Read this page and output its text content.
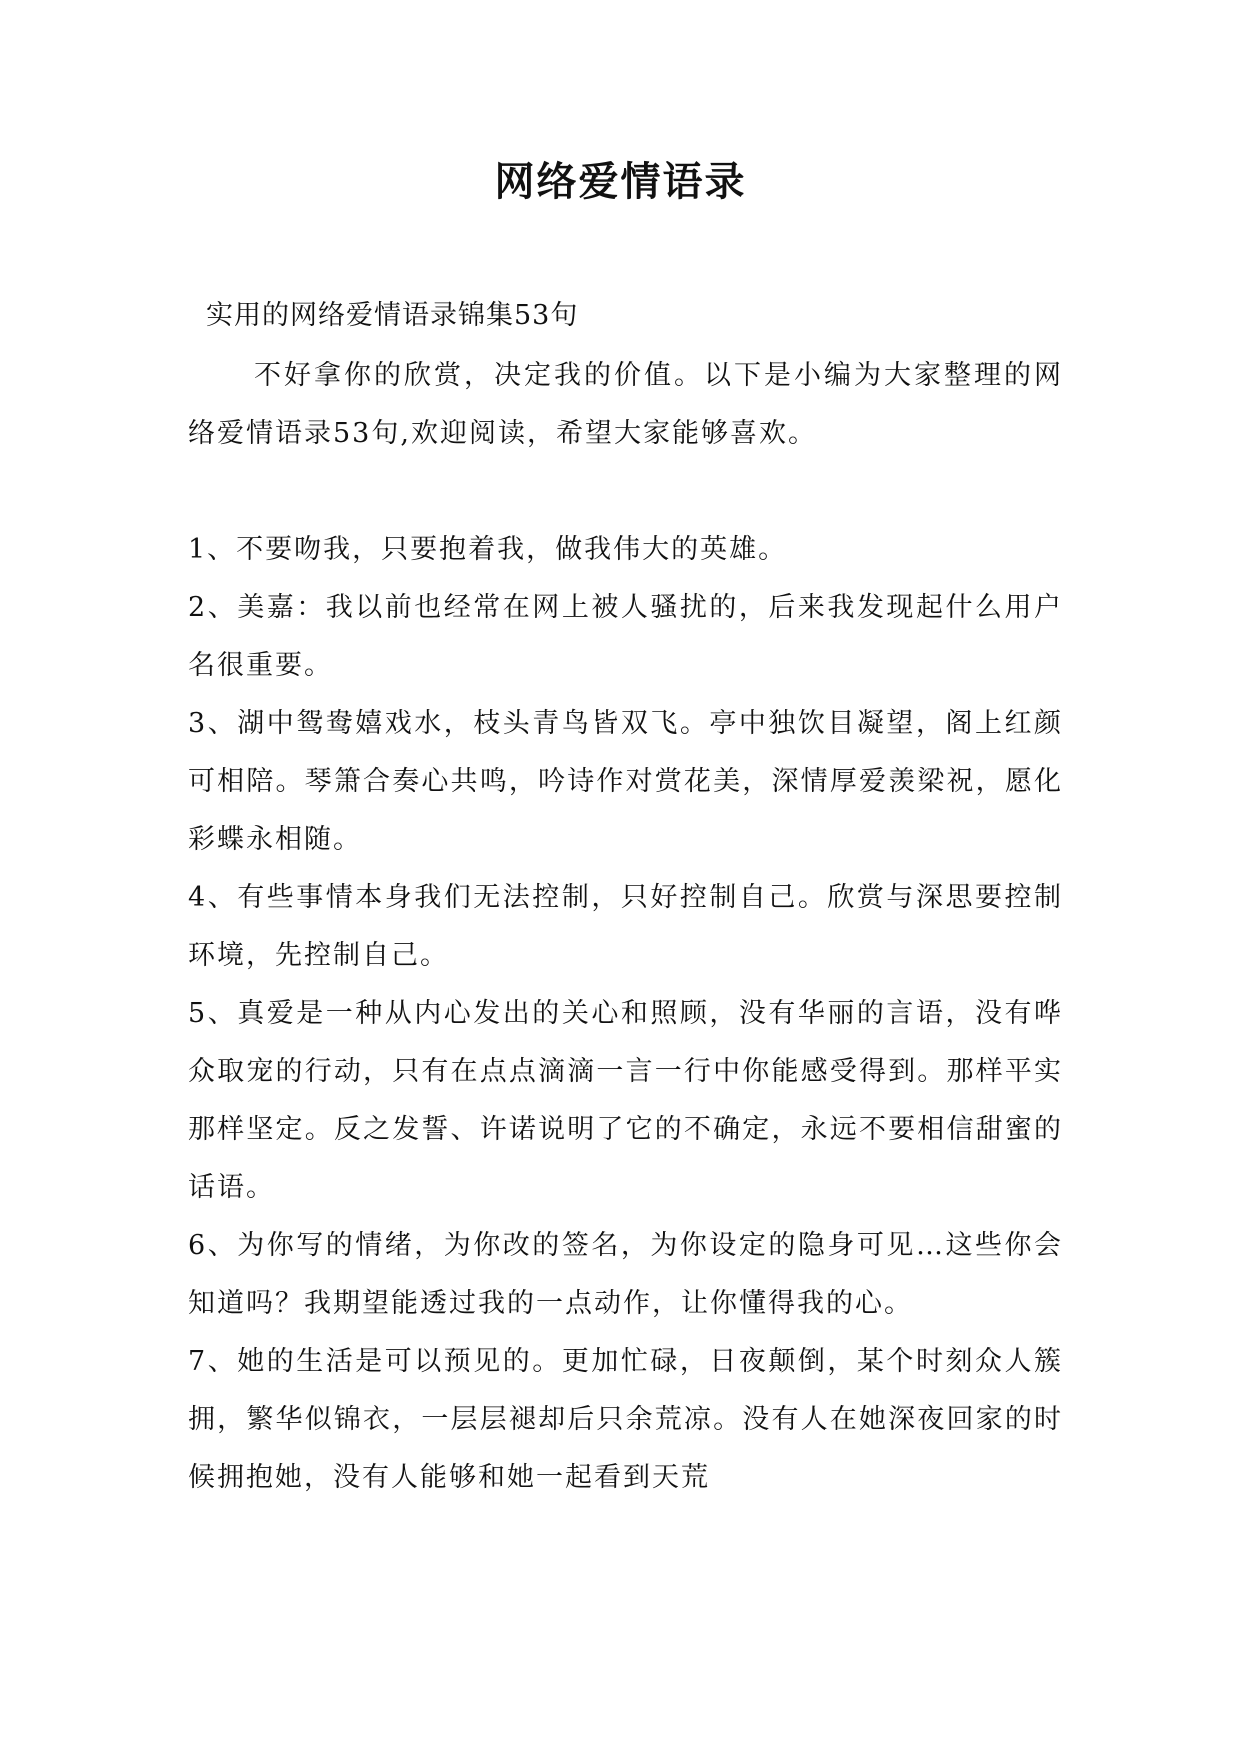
网络爱情语录

实用的网络爱情语录锦集53句

不好拿你的欣赏，决定我的价值。以下是小编为大家整理的网络爱情语录53句,欢迎阅读，希望大家能够喜欢。

1、不要吻我，只要抱着我，做我伟大的英雄。

2、美嘉：我以前也经常在网上被人骚扰的，后来我发现起什么用户名很重要。

3、湖中鸳鸯嬉戏水，枝头青鸟皆双飞。亭中独饮目凝望，阁上红颜可相陪。琴箫合奏心共鸣，吟诗作对赏花美，深情厚爱羡梁祝，愿化彩蝶永相随。

4、有些事情本身我们无法控制，只好控制自己。欣赏与深思要控制环境，先控制自己。

5、真爱是一种从内心发出的关心和照顾，没有华丽的言语，没有哗众取宠的行动，只有在点点滴滴一言一行中你能感受得到。那样平实那样坚定。反之发誓、许诺说明了它的不确定，永远不要相信甜蜜的话语。

6、为你写的情绪，为你改的签名，为你设定的隐身可见…这些你会知道吗？我期望能透过我的一点动作，让你懂得我的心。

7、她的生活是可以预见的。更加忙碌，日夜颠倒，某个时刻众人簇拥，繁华似锦衣，一层层褪却后只余荒凉。没有人在她深夜回家的时候拥抱她，没有人能够和她一起看到天荒
